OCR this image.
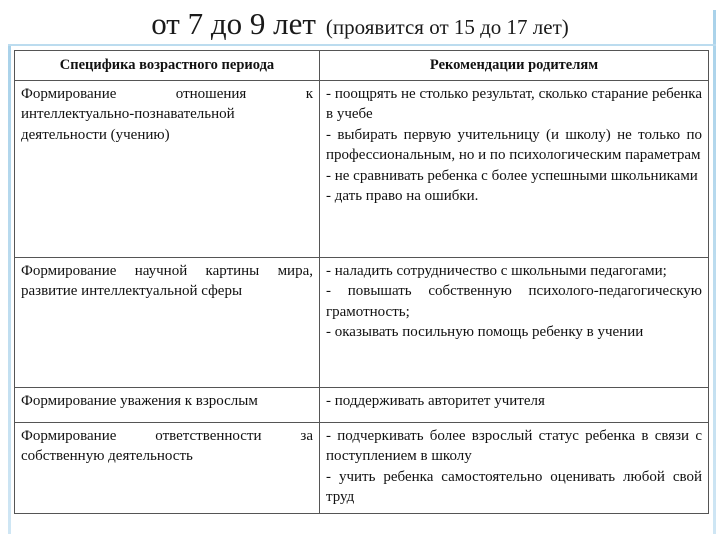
от 7 до 9 лет (проявится от 15 до 17 лет)
Специфика возрастного периода	Рекомендации родителям
Формирование отношения к интеллектуально-познавательной деятельности (учению)	- поощрять не столько результат, сколько старание ребенка в учебе
- выбирать первую учительницу (и школу) не только по профессиональным, но и по психологическим параметрам
- не сравнивать ребенка с более успешными школьниками
- дать право на ошибки.

Формирование научной картины мира, развитие интеллектуальной сферы	- наладить сотрудничество с школьными педагогами;
- повышать собственную психолого-педагогическую грамотность;
- оказывать посильную помощь ребенку в учении

Формирование уважения к взрослым	- поддерживать авторитет учителя

Формирование ответственности за собственную деятельность	- подчеркивать более взрослый статус ребенка в связи с поступлением в школу
- учить ребенка самостоятельно оценивать любой свой труд
